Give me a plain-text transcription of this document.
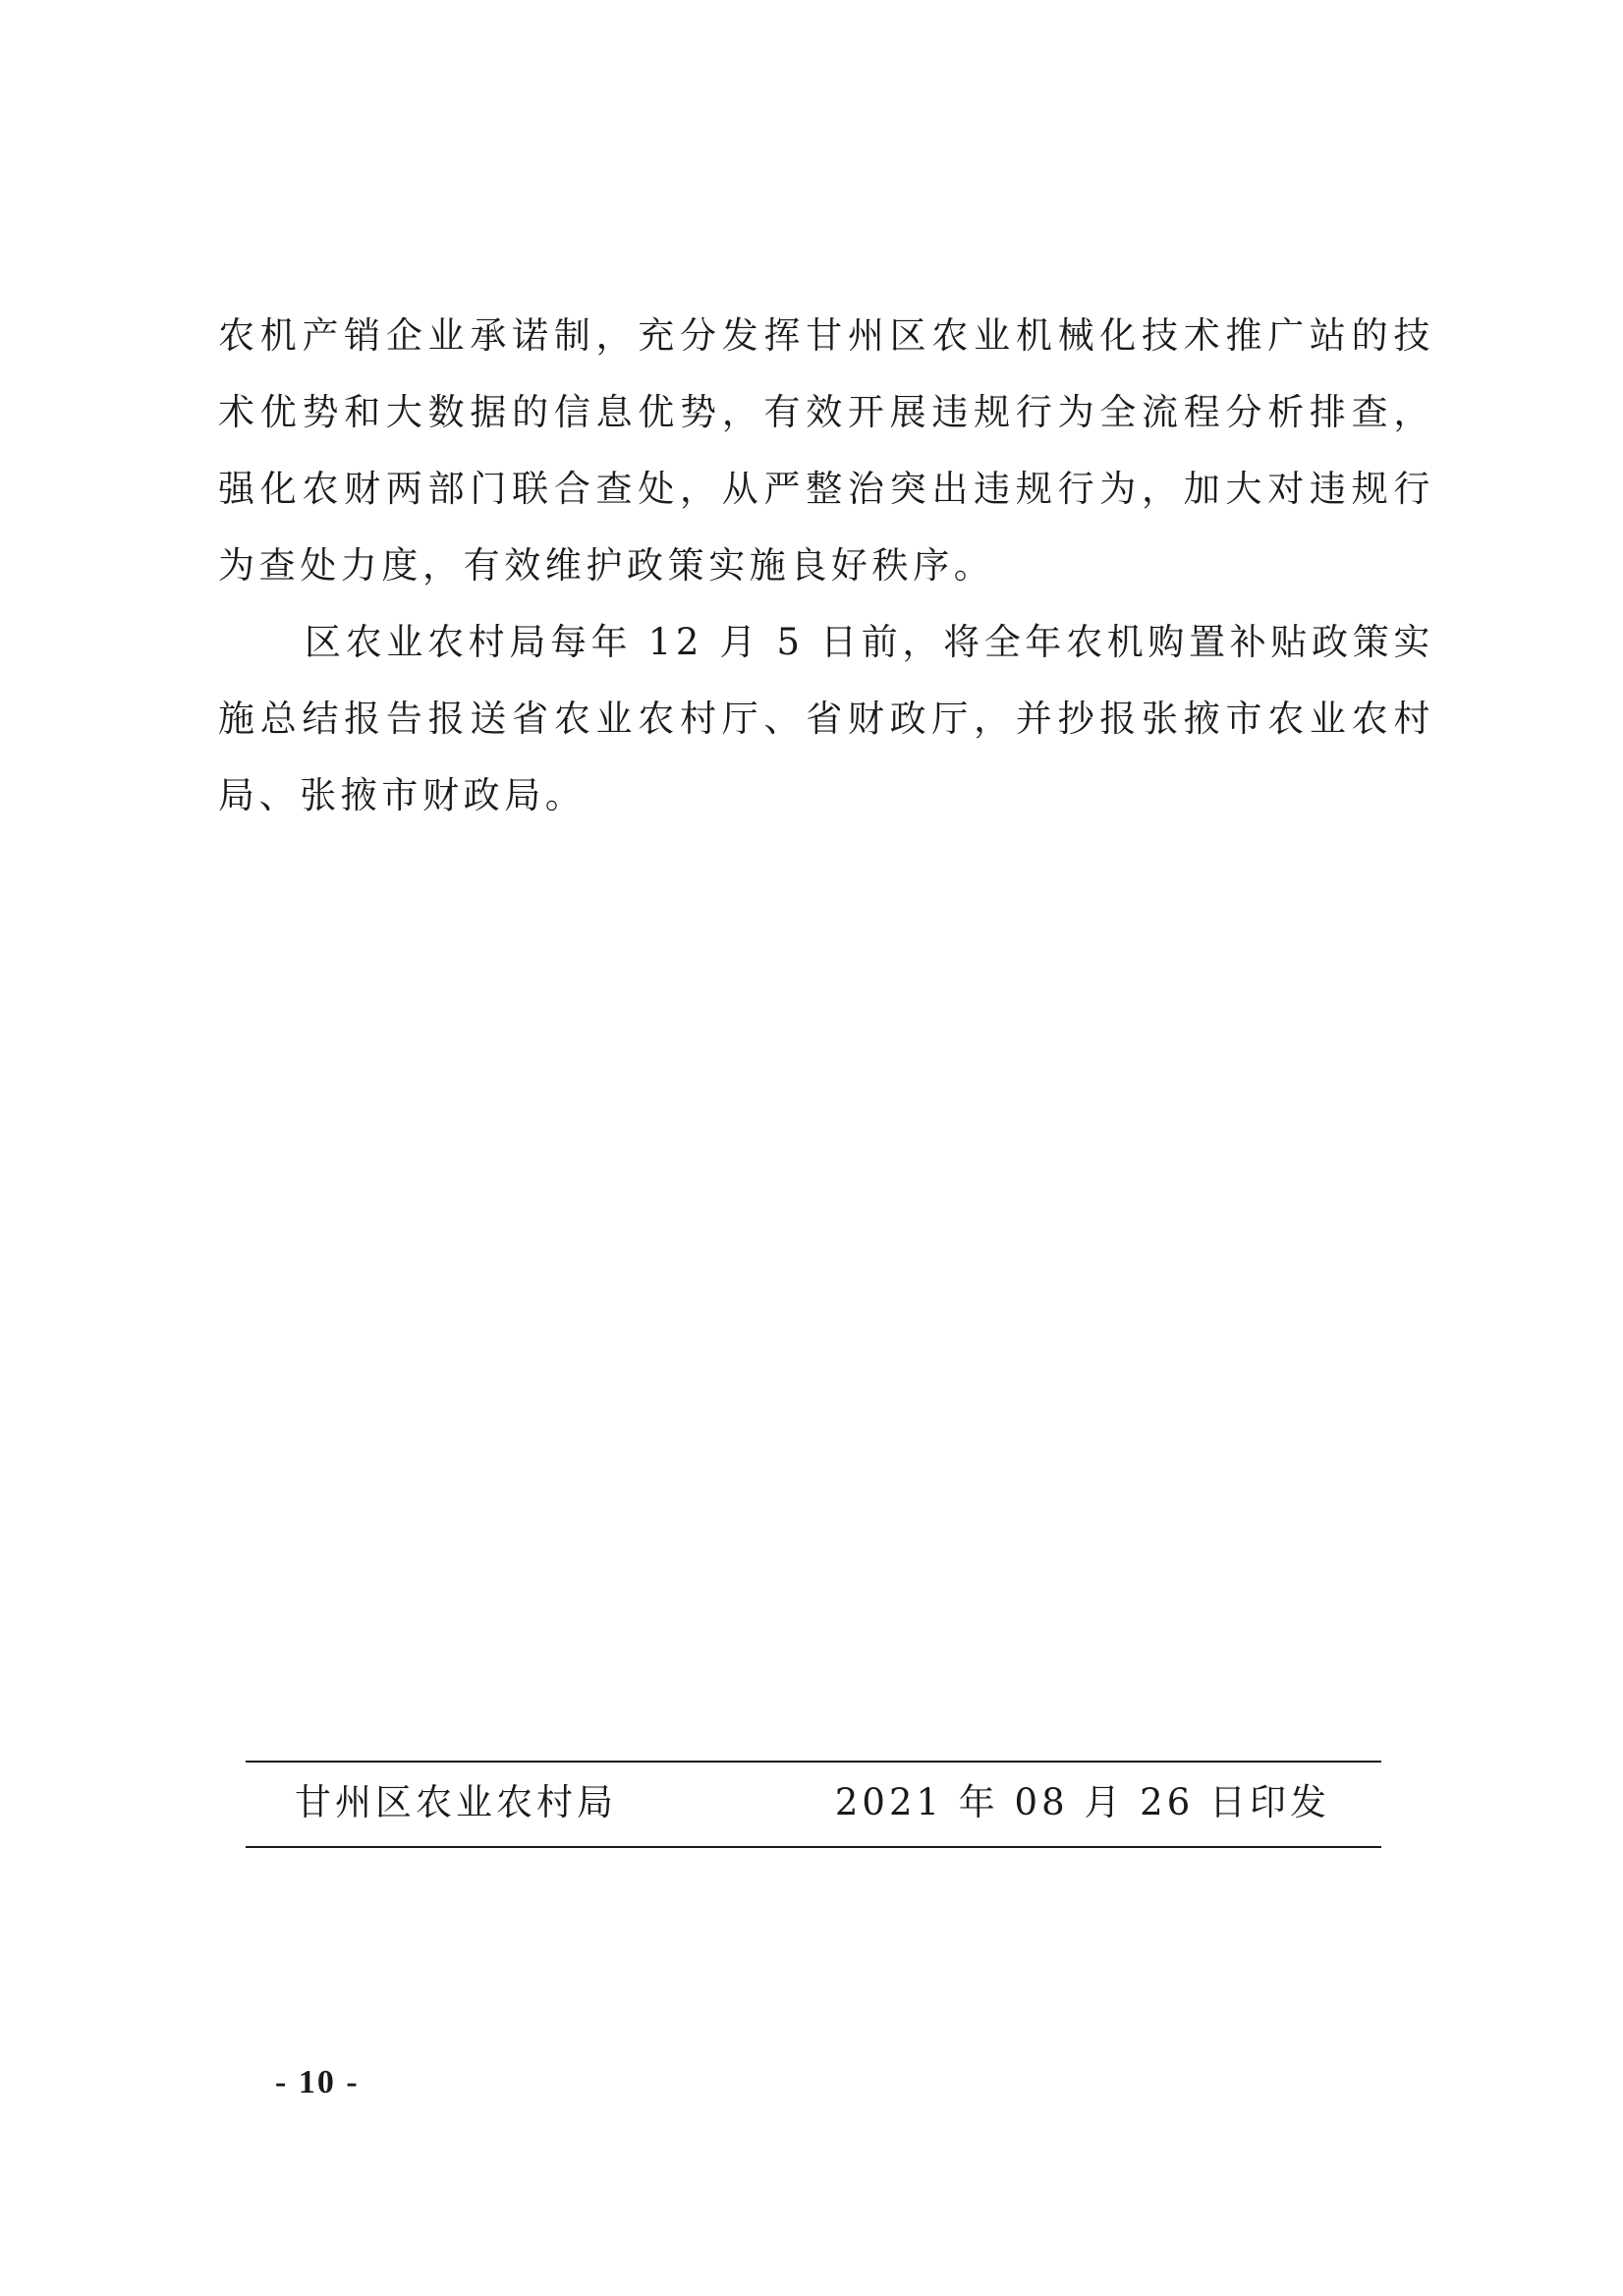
农机产销企业承诺制，充分发挥甘州区农业机械化技术推广站的技术优势和大数据的信息优势，有效开展违规行为全流程分析排查，强化农财两部门联合查处，从严整治突出违规行为，加大对违规行为查处力度，有效维护政策实施良好秩序。

区农业农村局每年 12 月 5 日前，将全年农机购置补贴政策实施总结报告报送省农业农村厅、省财政厅，并抄报张掖市农业农村局、张掖市财政局。

甘州区农业农村局	2021 年 08 月 26 日印发
- 10 -
